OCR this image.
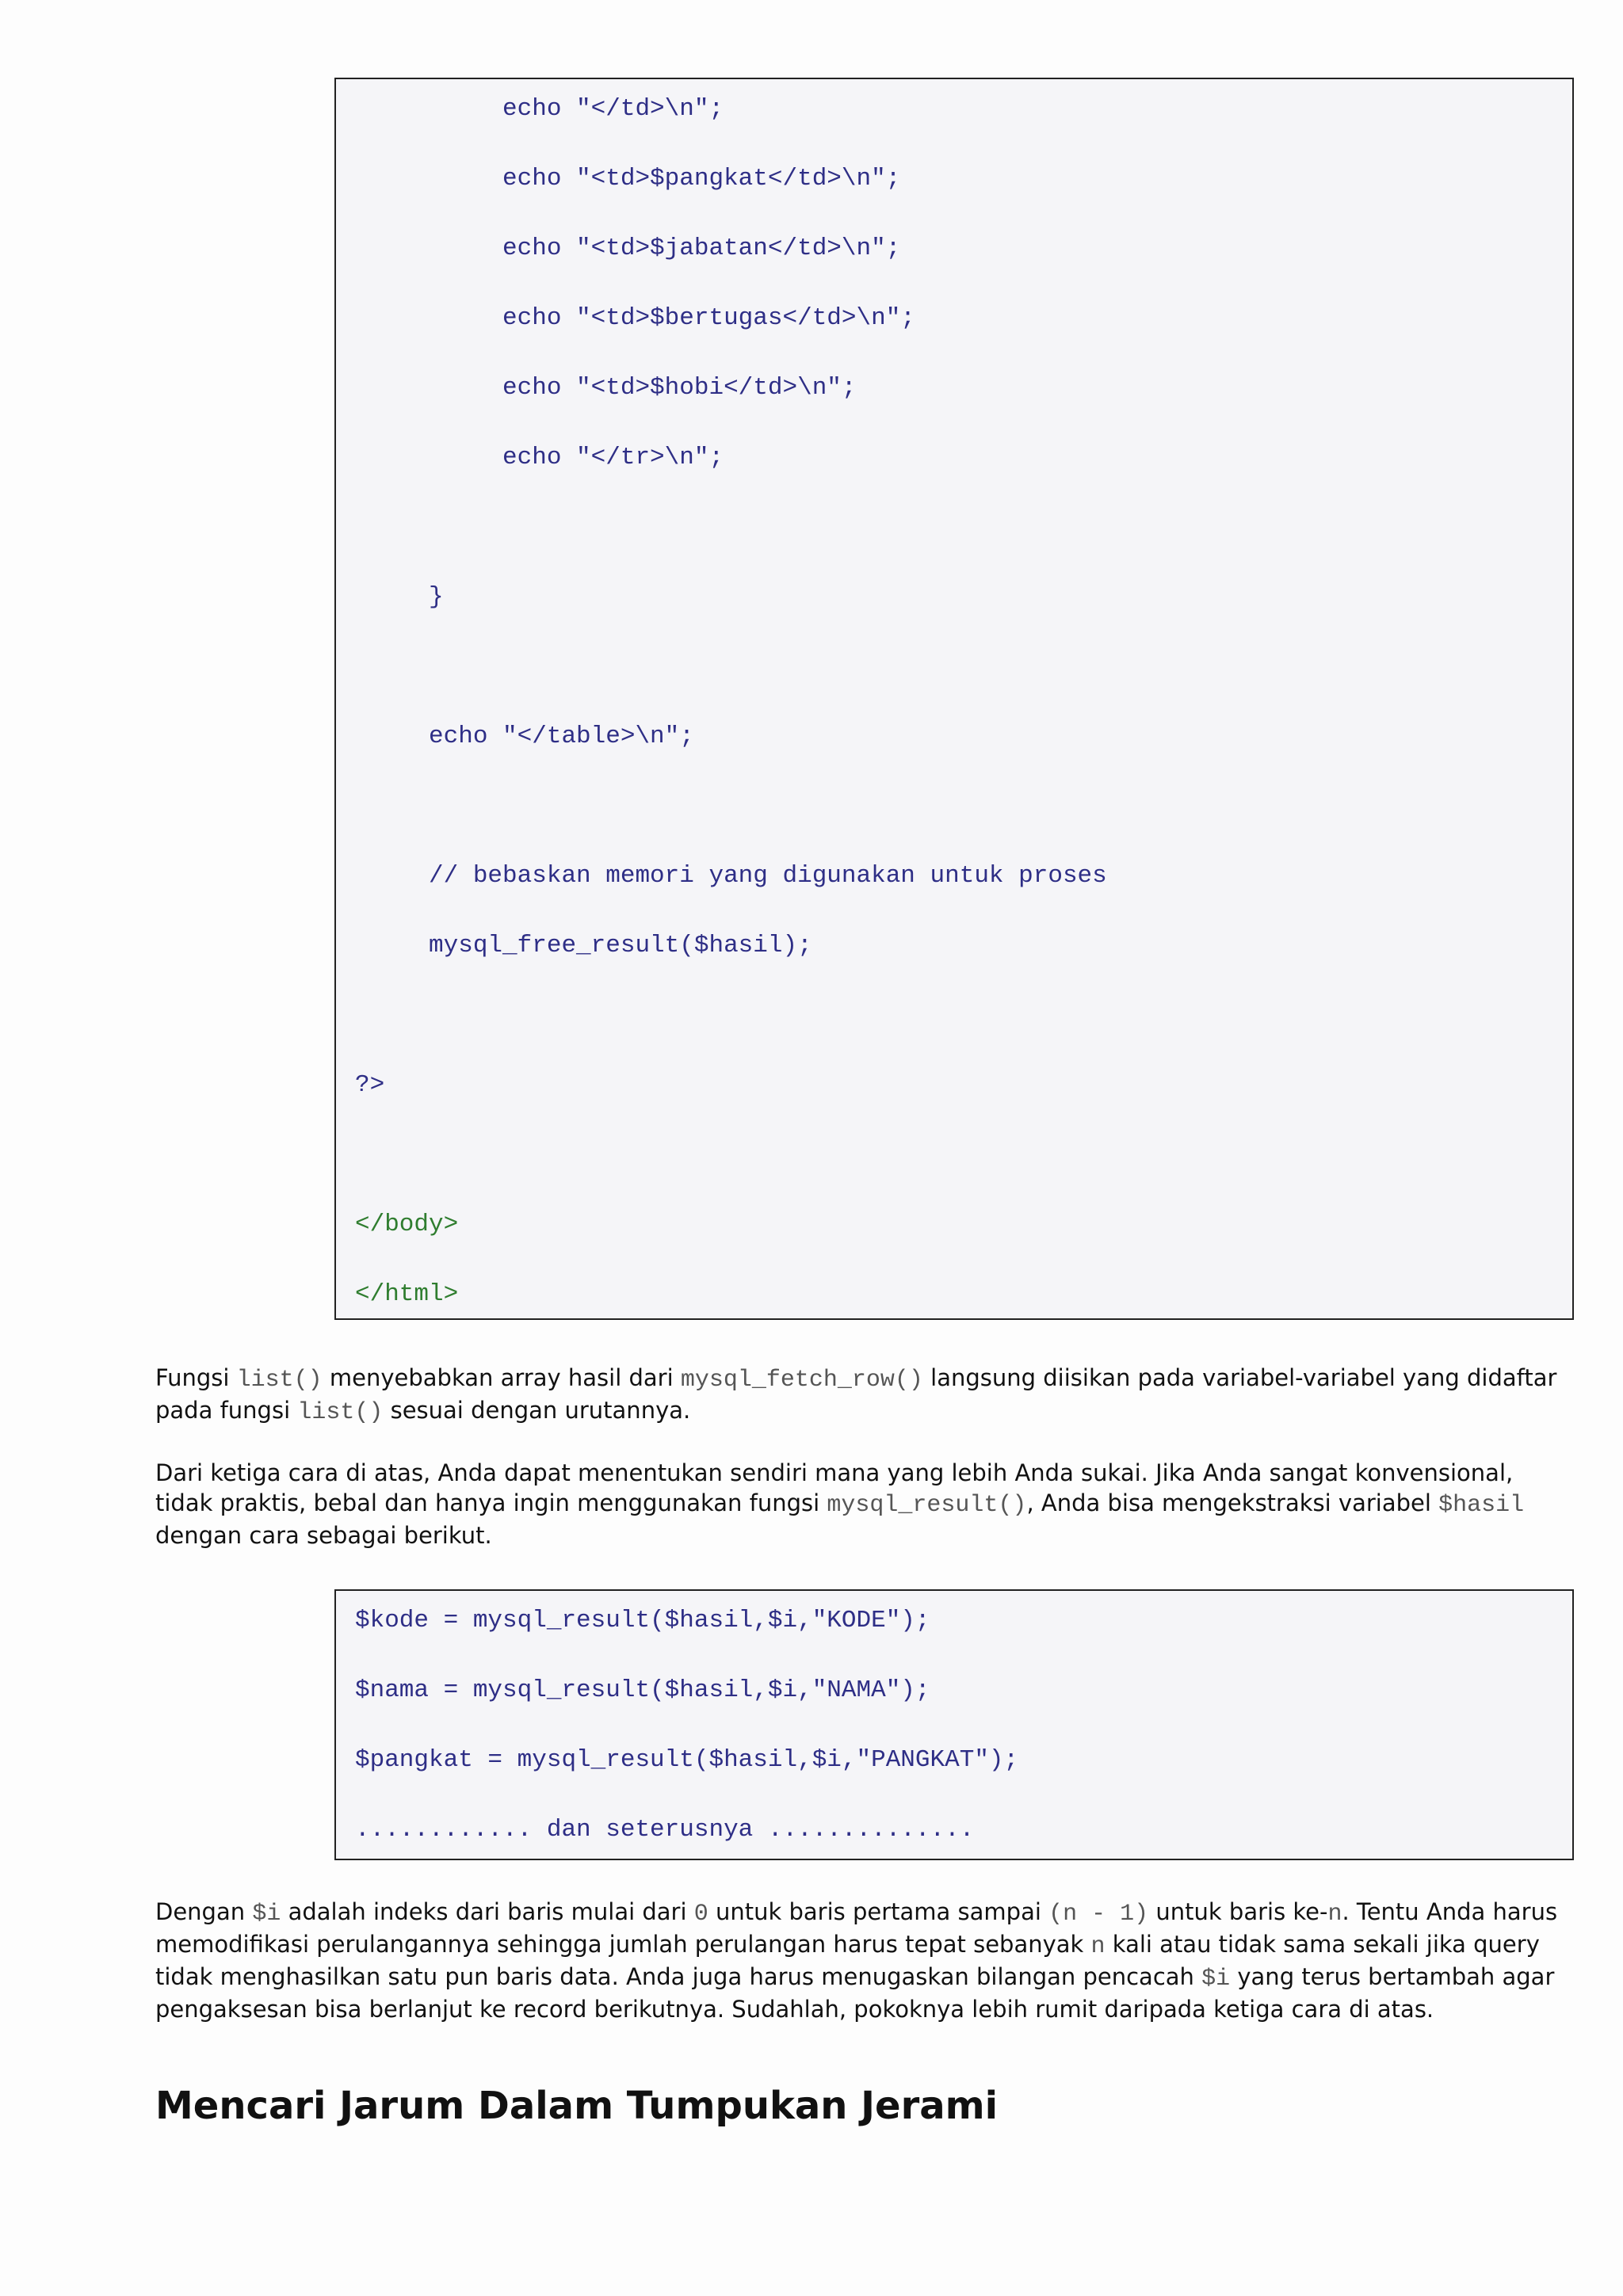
echo "</td>\n";
echo "<td>$pangkat</td>\n";
echo "<td>$jabatan</td>\n";
echo "<td>$bertugas</td>\n";
echo "<td>$hobi</td>\n";
echo "</tr>\n";
}
echo "</table>\n";
// bebaskan memori yang digunakan untuk proses
mysql_free_result($hasil);
?>
</body>
</html>

Fungsi list() menyebabkan array hasil dari mysql_fetch_row() langsung diisikan pada variabel-variabel yang didaftar pada fungsi list() sesuai dengan urutannya.

Dari ketiga cara di atas, Anda dapat menentukan sendiri mana yang lebih Anda sukai. Jika Anda sangat konvensional, tidak praktis, bebal dan hanya ingin menggunakan fungsi mysql_result(), Anda bisa mengekstraksi variabel $hasil dengan cara sebagai berikut.

$kode = mysql_result($hasil,$i,"KODE");
$nama = mysql_result($hasil,$i,"NAMA");
$pangkat = mysql_result($hasil,$i,"PANGKAT");
............ dan seterusnya ..............

Dengan $i adalah indeks dari baris mulai dari 0 untuk baris pertama sampai (n - 1) untuk baris ke-n. Tentu Anda harus memodifikasi perulangannya sehingga jumlah perulangan harus tepat sebanyak n kali atau tidak sama sekali jika query tidak menghasilkan satu pun baris data. Anda juga harus menugaskan bilangan pencacah $i yang terus bertambah agar pengaksesan bisa berlanjut ke record berikutnya. Sudahlah, pokoknya lebih rumit daripada ketiga cara di atas.

Mencari Jarum Dalam Tumpukan Jerami
